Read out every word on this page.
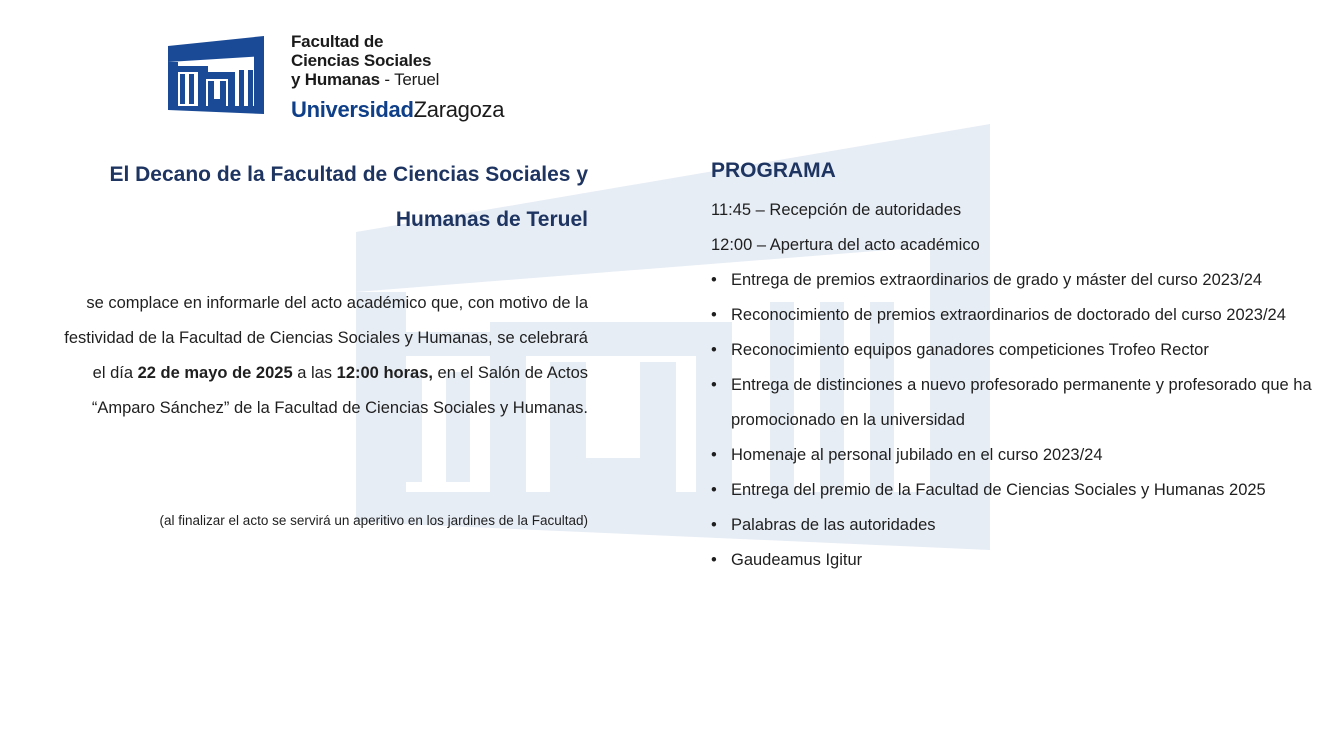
Facultad de
Ciencias Sociales
y Humanas - Teruel
UniversidadZaragoza
El Decano de la Facultad de Ciencias Sociales y
Humanas de Teruel
se complace en informarle del acto académico que, con motivo de la
festividad de la Facultad de Ciencias Sociales y Humanas, se celebrará
el día 22 de mayo de 2025 a las 12:00 horas, en el Salón de Actos
“Amparo Sánchez” de la Facultad de Ciencias Sociales y Humanas.
(al finalizar el acto se servirá un aperitivo en los jardines de la Facultad)
PROGRAMA
11:45 – Recepción de autoridades
12:00 – Apertura del acto académico
• Entrega de premios extraordinarios de grado y máster del curso 2023/24
• Reconocimiento de premios extraordinarios de doctorado del curso 2023/24
• Reconocimiento equipos ganadores competiciones Trofeo Rector
• Entrega de distinciones a nuevo profesorado permanente y profesorado que ha promocionado en la universidad
• Homenaje al personal jubilado en el curso 2023/24
• Entrega del premio de la Facultad de Ciencias Sociales y Humanas 2025
• Palabras de las autoridades
• Gaudeamus Igitur
